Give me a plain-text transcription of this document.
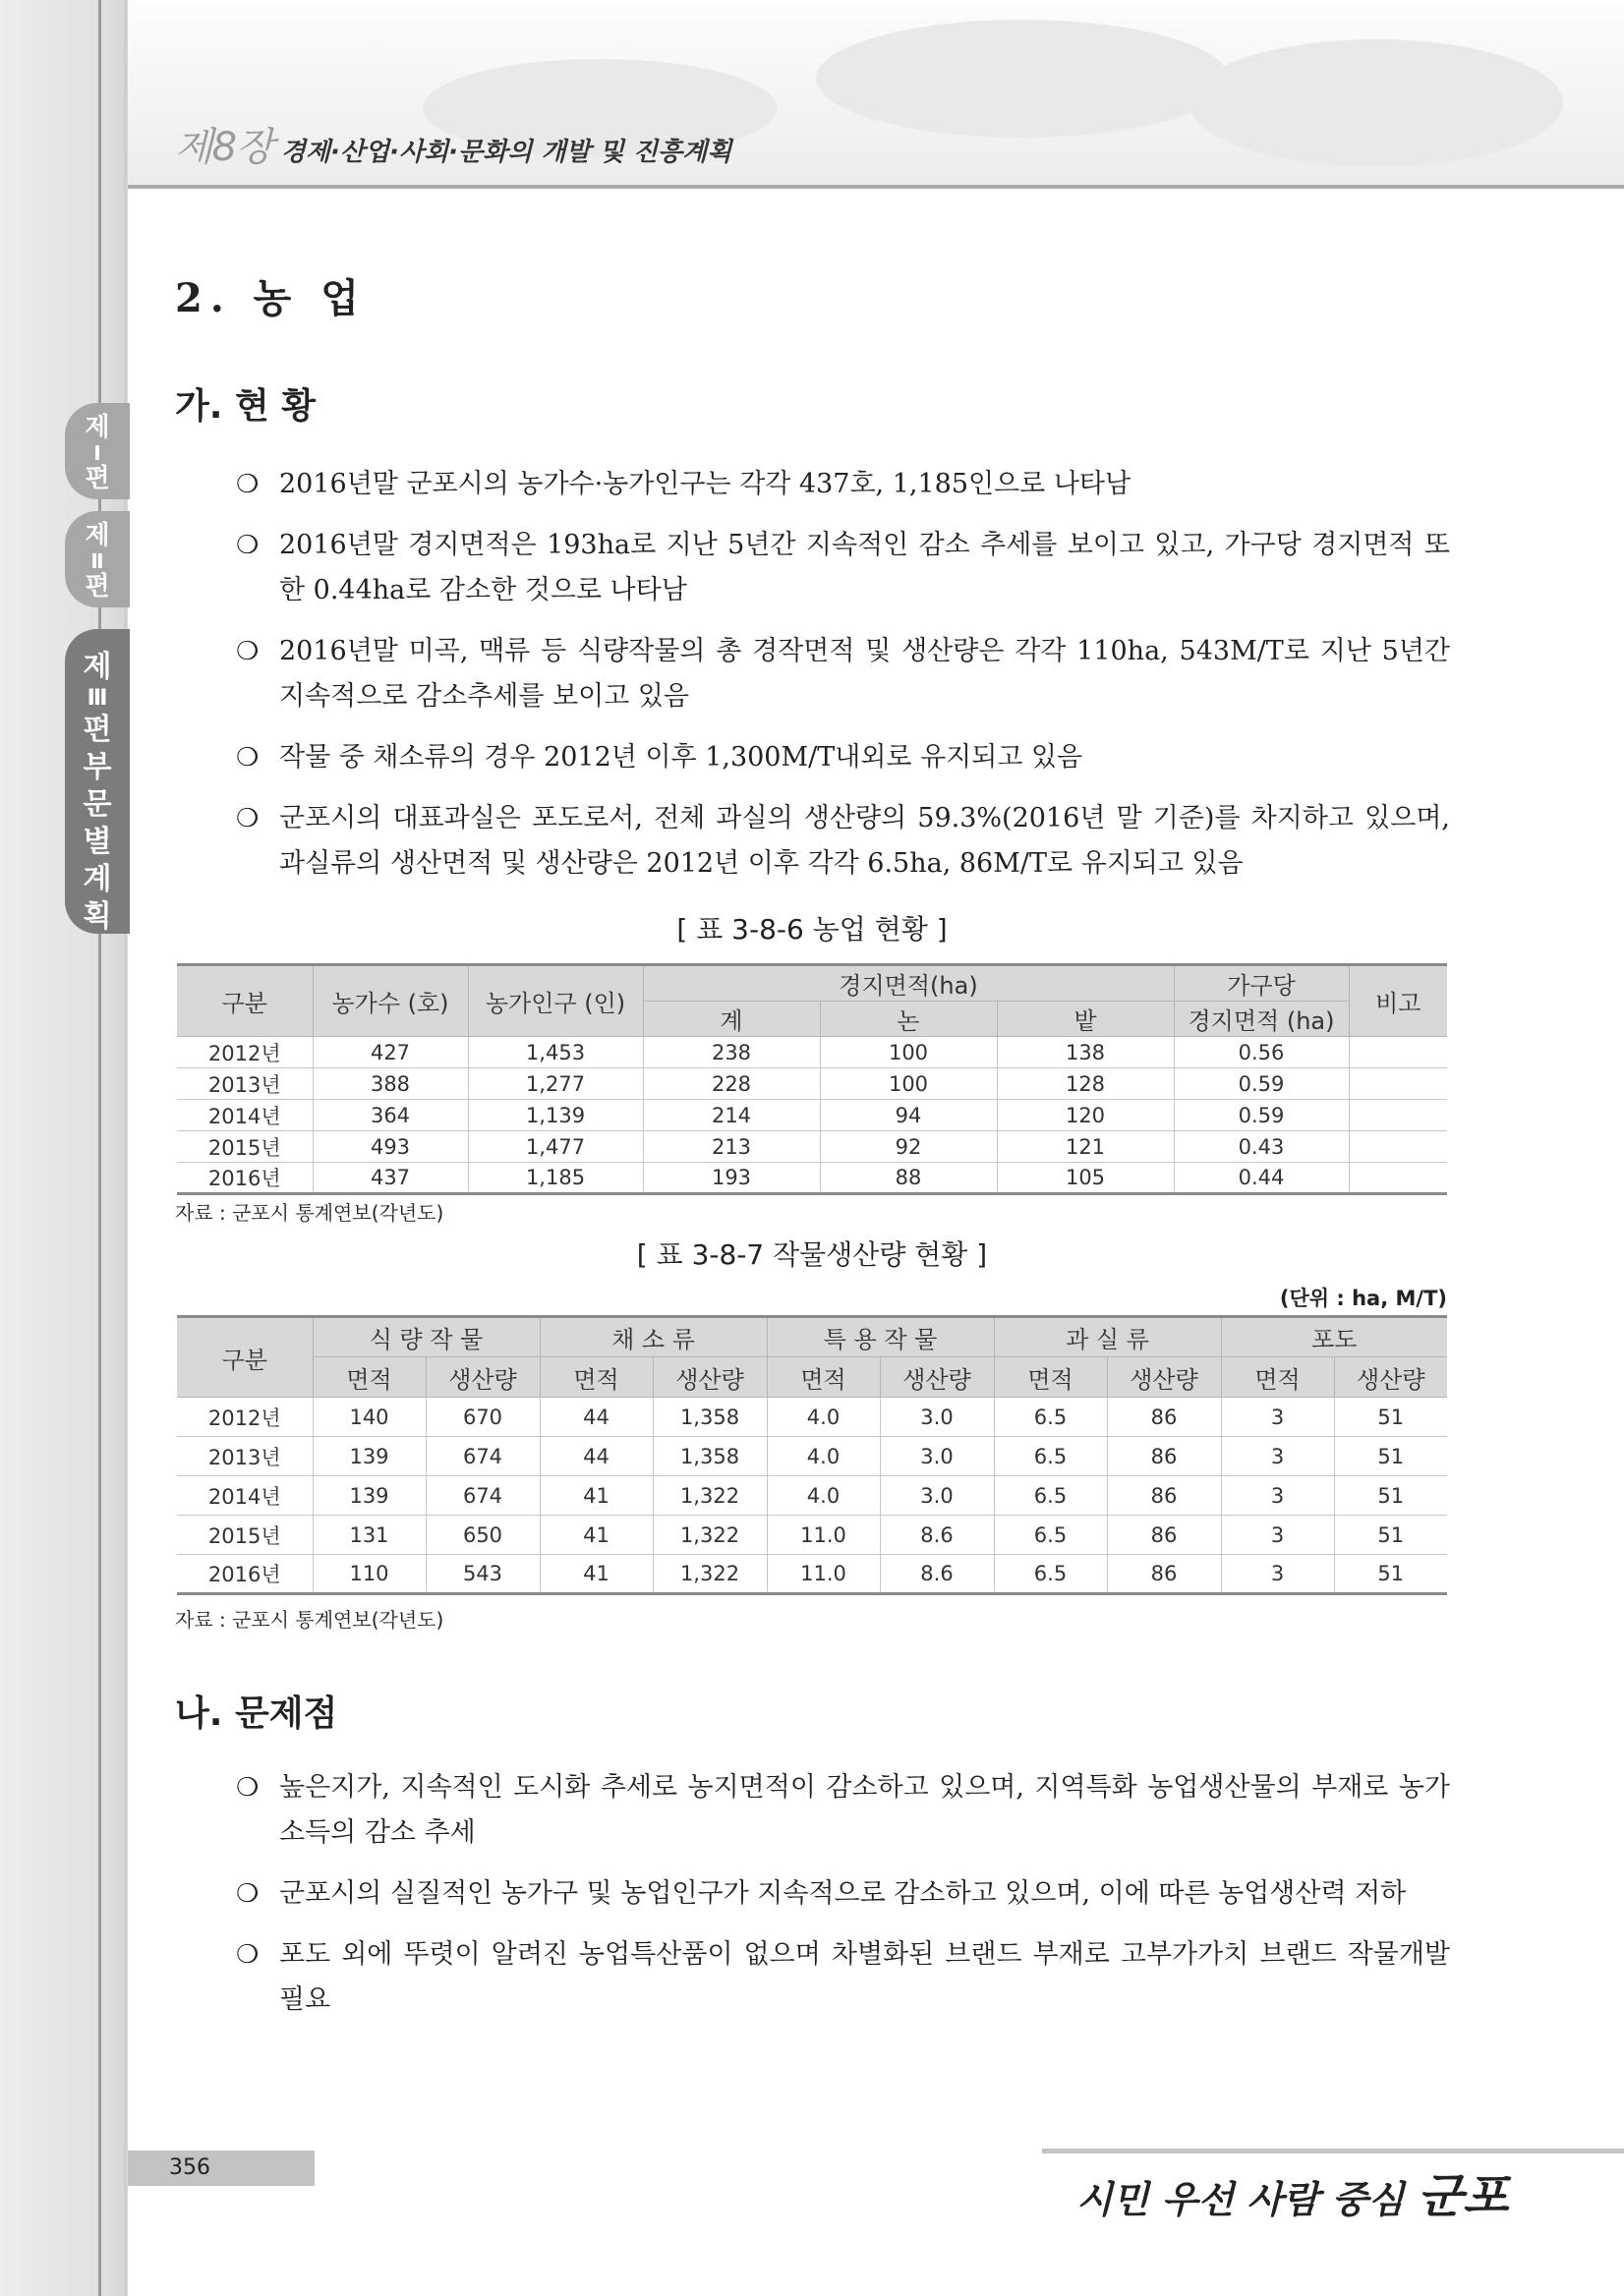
제8장 경제·산업·사회·문화의 개발 및 진흥계획
제
Ⅰ
편
제
Ⅱ
편
제
Ⅲ
편
부
문
별
계
획
2. 농 업
가. 현 황
❍ 2016년말 군포시의 농가수·농가인구는 각각 437호, 1,185인으로 나타남
❍ 2016년말 경지면적은 193ha로 지난 5년간 지속적인 감소 추세를 보이고 있고, 가구당 경지면적 또한 0.44ha로 감소한 것으로 나타남
❍ 2016년말 미곡, 맥류 등 식량작물의 총 경작면적 및 생산량은 각각 110ha, 543M/T로 지난 5년간 지속적으로 감소추세를 보이고 있음
❍ 작물 중 채소류의 경우 2012년 이후 1,300M/T내외로 유지되고 있음
❍ 군포시의 대표과실은 포도로서, 전체 과실의 생산량의 59.3%(2016년 말 기준)를 차지하고 있으며, 과실류의 생산면적 및 생산량은 2012년 이후 각각 6.5ha, 86M/T로 유지되고 있음
[ 표 3-8-6 농업 현황 ]
구분	농가수 (호)	농가인구 (인)	경지면적(ha)			가구당	비고
			계	논	밭	경지면적 (ha)	
2012년	427	1,453	238	100	138	0.56	
2013년	388	1,277	228	100	128	0.59	
2014년	364	1,139	214	94	120	0.59	
2015년	493	1,477	213	92	121	0.43	
2016년	437	1,185	193	88	105	0.44	
자료 : 군포시 통계연보(각년도)
[ 표 3-8-7 작물생산량 현황 ]
(단위 : ha, M/T)
구분	식 량 작 물		채 소 류		특 용 작 물		과 실 류		포도	
	면적	생산량	면적	생산량	면적	생산량	면적	생산량	면적	생산량
2012년	140	670	44	1,358	4.0	3.0	6.5	86	3	51
2013년	139	674	44	1,358	4.0	3.0	6.5	86	3	51
2014년	139	674	41	1,322	4.0	3.0	6.5	86	3	51
2015년	131	650	41	1,322	11.0	8.6	6.5	86	3	51
2016년	110	543	41	1,322	11.0	8.6	6.5	86	3	51
자료 : 군포시 통계연보(각년도)
나. 문제점
❍ 높은지가, 지속적인 도시화 추세로 농지면적이 감소하고 있으며, 지역특화 농업생산물의 부재로 농가소득의 감소 추세
❍ 군포시의 실질적인 농가구 및 농업인구가 지속적으로 감소하고 있으며, 이에 따른 농업생산력 저하
❍ 포도 외에 뚜렷이 알려진 농업특산품이 없으며 차별화된 브랜드 부재로 고부가가치 브랜드 작물개발 필요
356
시민 우선 사람 중심 군포
